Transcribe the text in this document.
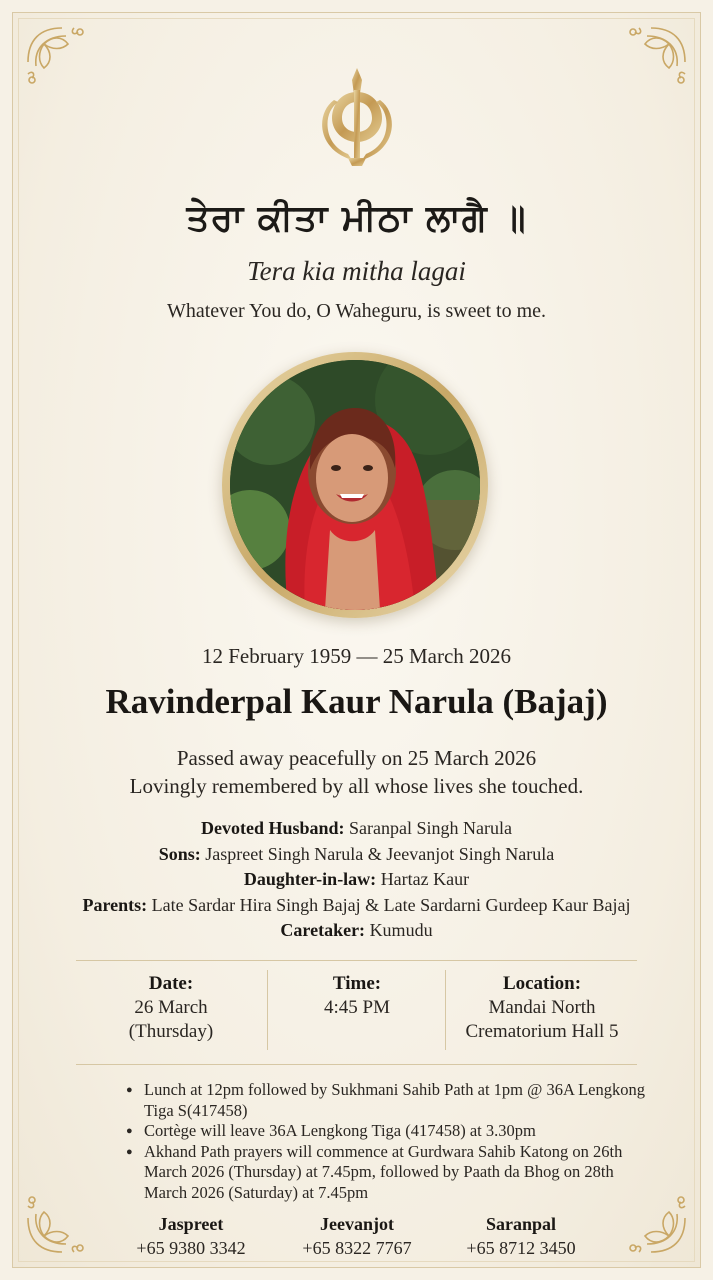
ਤੇਰਾ ਕੀਤਾ ਮੀਠਾ ਲਾਗੈ ॥
Tera kia mitha lagai
Whatever You do, O Waheguru, is sweet to me.
12 February 1959 — 25 March 2026
Ravinderpal Kaur Narula (Bajaj)
Passed away peacefully on 25 March 2026
Lovingly remembered by all whose lives she touched.
Devoted Husband: Saranpal Singh Narula
Sons: Jaspreet Singh Narula & Jeevanjot Singh Narula
Daughter-in-law: Hartaz Kaur
Parents: Late Sardar Hira Singh Bajaj & Late Sardarni Gurdeep Kaur Bajaj
Caretaker: Kumudu
Date:
26 March
(Thursday)
Time:
4:45 PM
Location:
Mandai North
Crematorium Hall 5
● Lunch at 12pm followed by Sukhmani Sahib Path at 1pm @ 36A Lengkong Tiga S(417458)
● Cortège will leave 36A Lengkong Tiga (417458) at 3.30pm
● Akhand Path prayers will commence at Gurdwara Sahib Katong on 26th March 2026 (Thursday) at 7.45pm, followed by Paath da Bhog on 28th March 2026 (Saturday) at 7.45pm
Jaspreet
+65 9380 3342
Jeevanjot
+65 8322 7767
Saranpal
+65 8712 3450
